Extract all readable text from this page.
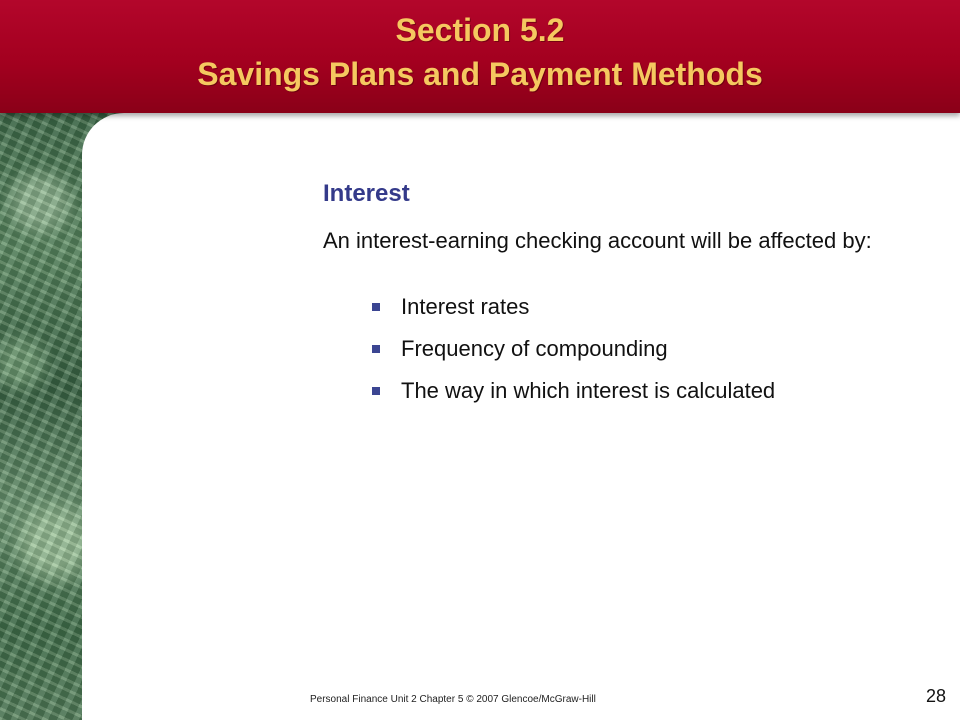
Section 5.2
Savings Plans and Payment Methods
Interest
An interest-earning checking account will be affected by:
Interest rates
Frequency of compounding
The way in which interest is calculated
Personal Finance Unit 2 Chapter 5 © 2007 Glencoe/McGraw-Hill	28
